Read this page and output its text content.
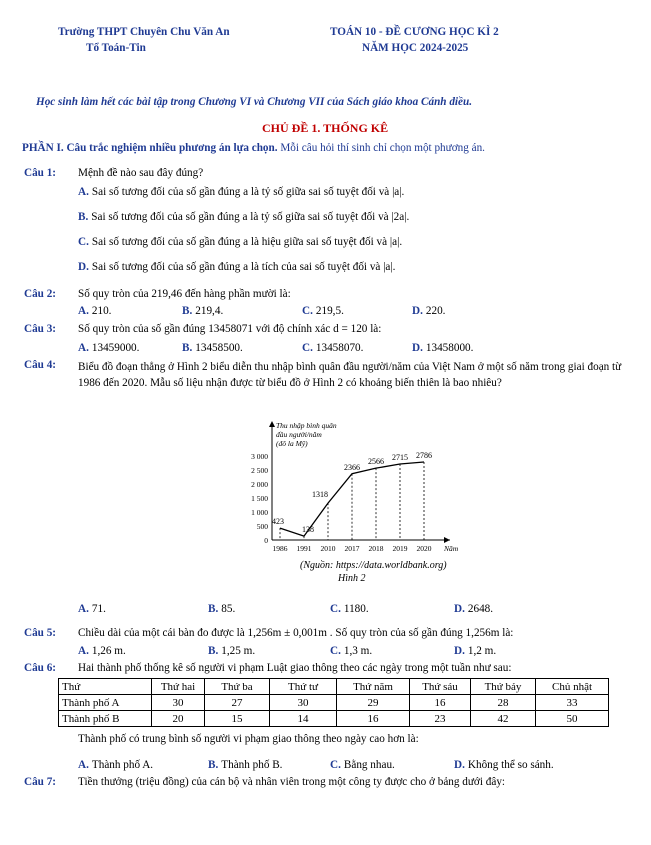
Trường THPT Chuyên Chu Văn An
Tổ Toán-Tin
TOÁN 10 - ĐỀ CƯƠNG HỌC KÌ 2
NĂM HỌC 2024-2025
Học sinh làm hết các bài tập trong Chương VI và Chương VII của Sách giáo khoa Cánh diều.
CHỦ ĐỀ 1. THỐNG KÊ
PHẦN I. Câu trắc nghiệm nhiều phương án lựa chọn. Mỗi câu hỏi thí sinh chỉ chọn một phương án.
Câu 1: Mệnh đề nào sau đây đúng?
A. Sai số tương đối của số gần đúng a là tỷ số giữa sai số tuyệt đối và |a|.
B. Sai số tương đối của số gần đúng a là tỷ số giữa sai số tuyệt đối và |2a|.
C. Sai số tương đối của số gần đúng a là hiệu giữa sai số tuyệt đối và |a|.
D. Sai số tương đối của số gần đúng a là tích của sai số tuyệt đối và |a|.
Câu 2: Số quy tròn của 219,46 đến hàng phần mười là:
A. 210.	B. 219,4.	C. 219,5.	D. 220.
Câu 3: Số quy tròn của số gần đúng 13458071 với độ chính xác d = 120 là:
A. 13459000.	B. 13458500.	C. 13458070.	D. 13458000.
Câu 4: Biểu đồ đoạn thẳng ở Hình 2 biểu diễn thu nhập bình quân đầu người/năm của Việt Nam ở một số năm trong giai đoạn từ 1986 đến 2020. Mẫu số liệu nhận được từ biểu đồ ở Hình 2 có khoảng biến thiên là bao nhiêu?
Thu nhập bình quân
đầu người/năm
(đô la Mỹ)
0
500
1 000
1 500
2 000
2 500
3 000
1986 1991 2010 2017 2018 2019 2020 Năm
423
138
1318
2366
2566 2715 2786
(Nguồn: https://data.worldbank.org)
Hình 2
A. 71.	B. 85.	C. 1180.	D. 2648.
Câu 5: Chiều dài của một cái bàn đo được là 1,256m ± 0,001m . Số quy tròn của số gần đúng 1,256m là:
A. 1,26 m.	B. 1,25 m.	C. 1,3 m.	D. 1,2 m.
Câu 6: Hai thành phố thống kê số người vi phạm Luật giao thông theo các ngày trong một tuần như sau:
Thứ	Thứ hai	Thứ ba	Thứ tư	Thứ năm	Thứ sáu	Thứ bảy	Chủ nhật
Thành phố A	30	27	30	29	16	28	33
Thành phố B	20	15	14	16	23	42	50
Thành phố có trung bình số người vi phạm giao thông theo ngày cao hơn là:
A. Thành phố A.	B. Thành phố B.	C. Bằng nhau.	D. Không thể so sánh.
Câu 7: Tiền thưởng (triệu đồng) của cán bộ và nhân viên trong một công ty được cho ở bảng dưới đây:
